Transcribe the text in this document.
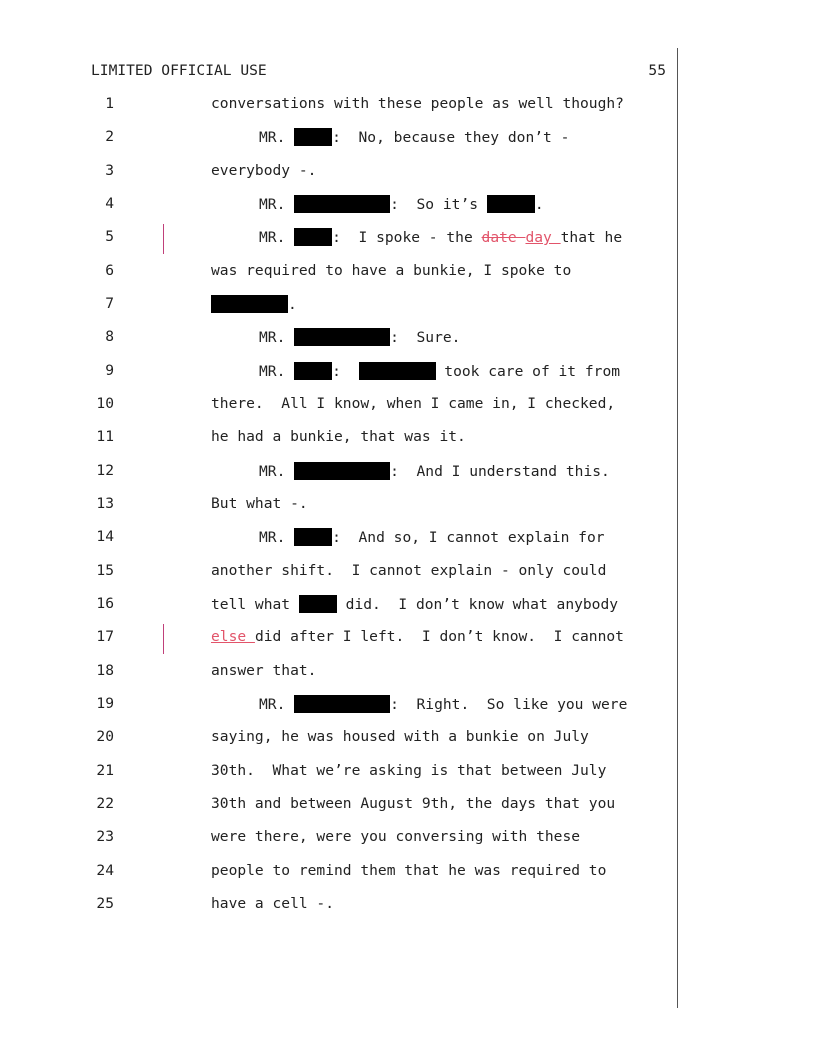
LIMITED OFFICIAL USE	55
1	conversations with these people as well though?
2	MR.	:  No, because they don’t -
3	everybody -.
4	MR.	:  So it’s	.
5	MR.	:  I spoke - the date day that he
6	was required to have a bunkie, I spoke to
7	.
8	MR.	:  Sure.
9	MR.	:	took care of it from
10	there.  All I know, when I came in, I checked,
11	he had a bunkie, that was it.
12	MR.	:  And I understand this.
13	But what -.
14	MR.	:  And so, I cannot explain for
15	another shift.  I cannot explain - only could
16	tell what	did.  I don’t know what anybody
17	else did after I left.  I don’t know.  I cannot
18	answer that.
19	MR.	:  Right.  So like you were
20	saying, he was housed with a bunkie on July
21	30th.  What we’re asking is that between July
22	30th and between August 9th, the days that you
23	were there, were you conversing with these
24	people to remind them that he was required to
25	have a cell -.
